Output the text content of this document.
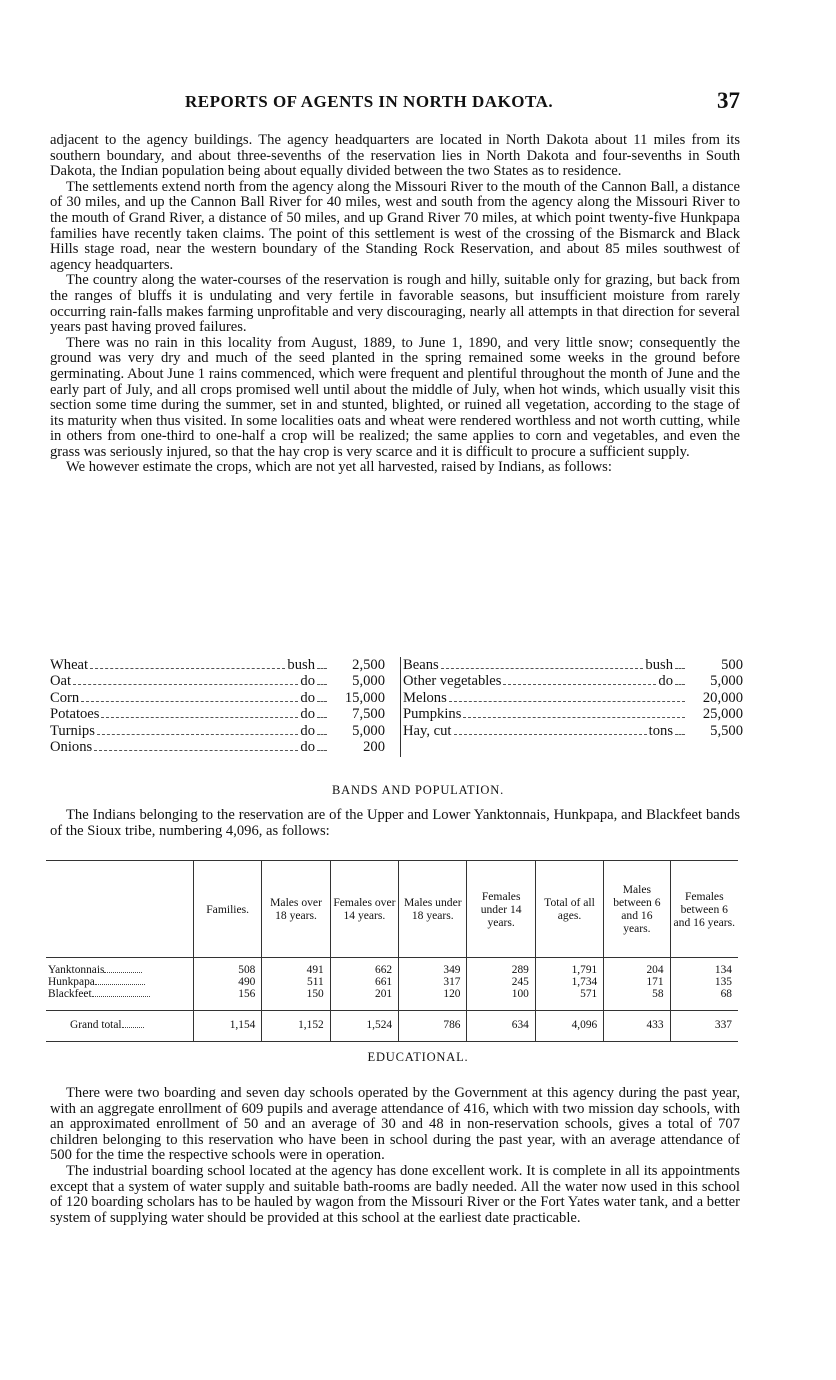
REPORTS OF AGENTS IN NORTH DAKOTA.	37

adjacent to the agency buildings. The agency headquarters are located in North Dakota about 11 miles from its southern boundary, and about three-sevenths of the reservation lies in North Dakota and four-sevenths in South Dakota, the Indian population being about equally divided between the two States as to residence.

The settlements extend north from the agency along the Missouri River to the mouth of the Cannon Ball, a distance of 30 miles, and up the Cannon Ball River for 40 miles, west and south from the agency along the Missouri River to the mouth of Grand River, a distance of 50 miles, and up Grand River 70 miles, at which point twenty-five Hunkpapa families have recently taken claims. The point of this settlement is west of the crossing of the Bismarck and Black Hills stage road, near the western boundary of the Standing Rock Reservation, and about 85 miles southwest of agency headquarters.

The country along the water-courses of the reservation is rough and hilly, suitable only for grazing, but back from the ranges of bluffs it is undulating and very fertile in favorable seasons, but insufficient moisture from rarely occurring rain-falls makes farming unprofitable and very discouraging, nearly all attempts in that direction for several years past having proved failures.

There was no rain in this locality from August, 1889, to June 1, 1890, and very little snow; consequently the ground was very dry and much of the seed planted in the spring remained some weeks in the ground before germinating. About June 1 rains commenced, which were frequent and plentiful throughout the month of June and the early part of July, and all crops promised well until about the middle of July, when hot winds, which usually visit this section some time during the summer, set in and stunted, blighted, or ruined all vegetation, according to the stage of its maturity when thus visited. In some localities oats and wheat were rendered worthless and not worth cutting, while in others from one-third to one-half a crop will be realized; the same applies to corn and vegetables, and even the grass was seriously injured, so that the hay crop is very scarce and it is difficult to procure a sufficient supply.

We however estimate the crops, which are not yet all harvested, raised by Indians, as follows:

Wheat	bush	2,500
Oat	do	5,000
Corn	do	15,000
Potatoes	do	7,500
Turnips	do	5,000
Onions	do	200
Beans	bush	500
Other vegetables	do	5,000
Melons	20,000
Pumpkins	25,000
Hay, cut	tons	5,500
BANDS AND POPULATION.

The Indians belonging to the reservation are of the Upper and Lower Yanktonnais, Hunkpapa, and Blackfeet bands of the Sioux tribe, numbering 4,096, as follows:

	Families.	Males over 18 years.	Females over 14 years.	Males under 18 years.	Females under 14 years.	Total of all ages.	Males between 6 and 16 years.	Females between 6 and 16 years.
Yanktonnais	508	491	662	349	289	1,791	204	134
Hunkpapa	490	511	661	317	245	1,734	171	135
Blackfeet	156	150	201	120	100	571	58	68
Grand total	1,154	1,152	1,524	786	634	4,096	433	337
EDUCATIONAL.

There were two boarding and seven day schools operated by the Government at this agency during the past year, with an aggregate enrollment of 609 pupils and average attendance of 416, which with two mission day schools, with an approximated enrollment of 50 and an average of 30 and 48 in non-reservation schools, gives a total of 707 children belonging to this reservation who have been in school during the past year, with an average attendance of 500 for the time the respective schools were in operation.

The industrial boarding school located at the agency has done excellent work. It is complete in all its appointments except that a system of water supply and suitable bath-rooms are badly needed. All the water now used in this school of 120 boarding scholars has to be hauled by wagon from the Missouri River or the Fort Yates water tank, and a better system of supplying water should be provided at this school at the earliest date practicable.
